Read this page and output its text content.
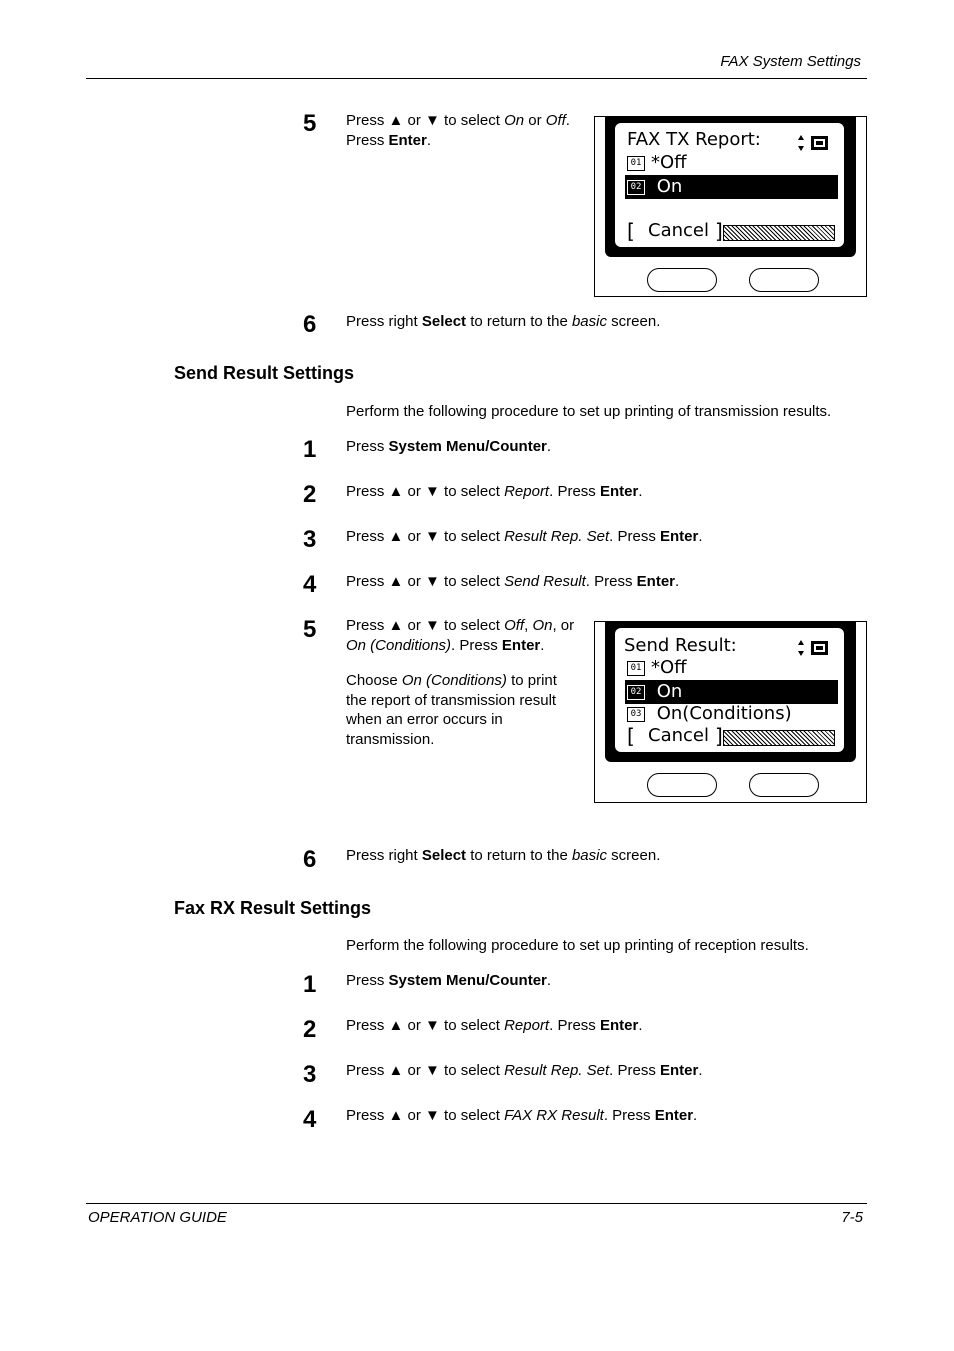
FAX System Settings
5 Press ▲ or ▼ to select On or Off.
Press Enter.	FAX TX Report:
01 *Off
02 On
[ Cancel ]
6 Press right Select to return to the basic screen.
Send Result Settings
Perform the following procedure to set up printing of transmission results.
1 Press System Menu/Counter.
2 Press ▲ or ▼ to select Report. Press Enter.
3 Press ▲ or ▼ to select Result Rep. Set. Press Enter.
4 Press ▲ or ▼ to select Send Result. Press Enter.
5 Press ▲ or ▼ to select Off, On, or
On (Conditions). Press Enter.
Choose On (Conditions) to print
the report of transmission result
when an error occurs in
transmission.
Send Result:
01 *Off
02 On
03 On(Conditions)
[ Cancel ]
6 Press right Select to return to the basic screen.
Fax RX Result Settings
Perform the following procedure to set up printing of reception results.
1 Press System Menu/Counter.
2 Press ▲ or ▼ to select Report. Press Enter.
3 Press ▲ or ▼ to select Result Rep. Set. Press Enter.
4 Press ▲ or ▼ to select FAX RX Result. Press Enter.
OPERATION GUIDE	7-5
